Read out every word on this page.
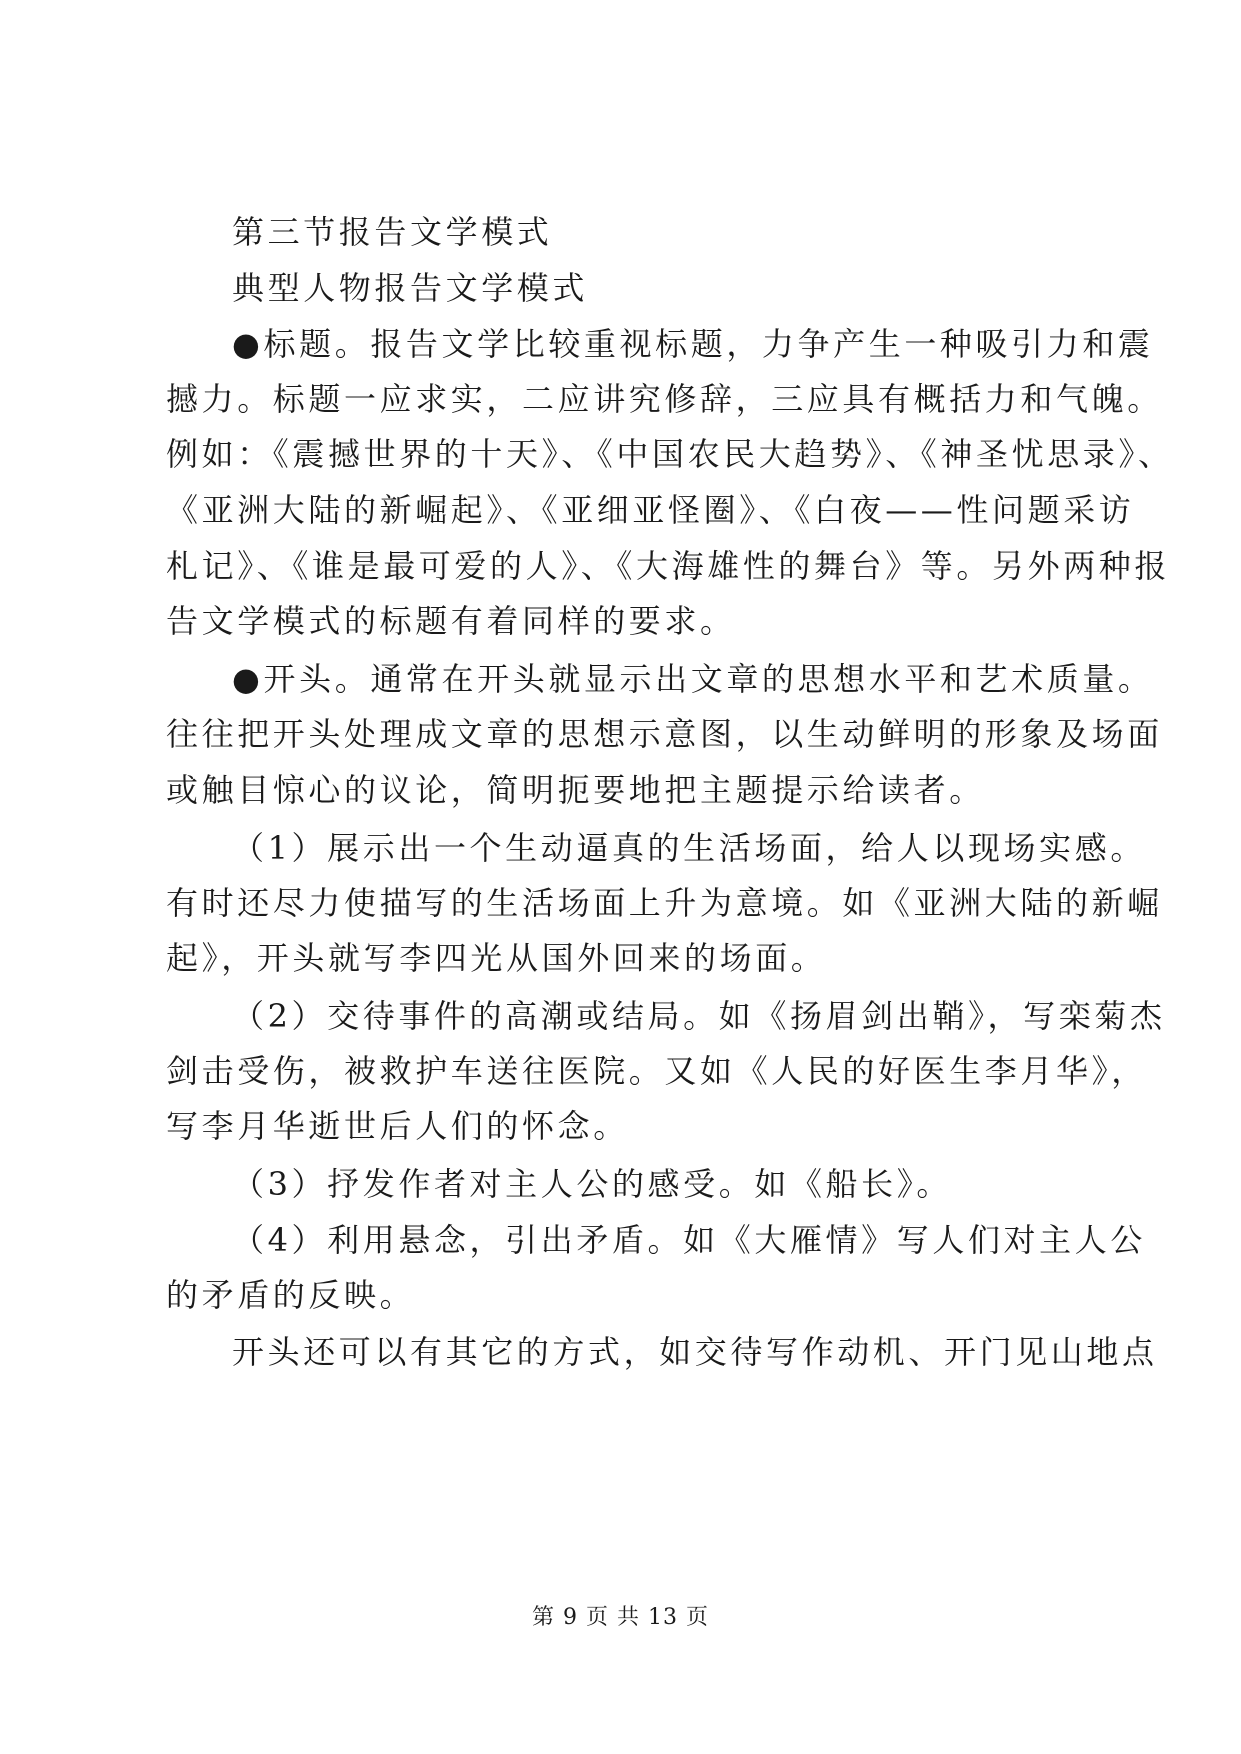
第三节报告文学模式
典型人物报告文学模式
●标题。报告文学比较重视标题，力争产生一种吸引力和震
撼力。标题一应求实，二应讲究修辞，三应具有概括力和气魄。
例如：《震撼世界的十天》、《中国农民大趋势》、《神圣忧思录》、
《亚洲大陆的新崛起》、《亚细亚怪圈》、《白夜——性问题采访
札记》、《谁是最可爱的人》、《大海雄性的舞台》等。另外两种报
告文学模式的标题有着同样的要求。
●开头。通常在开头就显示出文章的思想水平和艺术质量。
往往把开头处理成文章的思想示意图，以生动鲜明的形象及场面
或触目惊心的议论，简明扼要地把主题提示给读者。
（1）展示出一个生动逼真的生活场面，给人以现场实感。
有时还尽力使描写的生活场面上升为意境。如《亚洲大陆的新崛
起》，开头就写李四光从国外回来的场面。
（2）交待事件的高潮或结局。如《扬眉剑出鞘》，写栾菊杰
剑击受伤，被救护车送往医院。又如《人民的好医生李月华》，
写李月华逝世后人们的怀念。
（3）抒发作者对主人公的感受。如《船长》。
（4）利用悬念，引出矛盾。如《大雁情》写人们对主人公
的矛盾的反映。
开头还可以有其它的方式，如交待写作动机、开门见山地点
第 9 页 共 13 页
